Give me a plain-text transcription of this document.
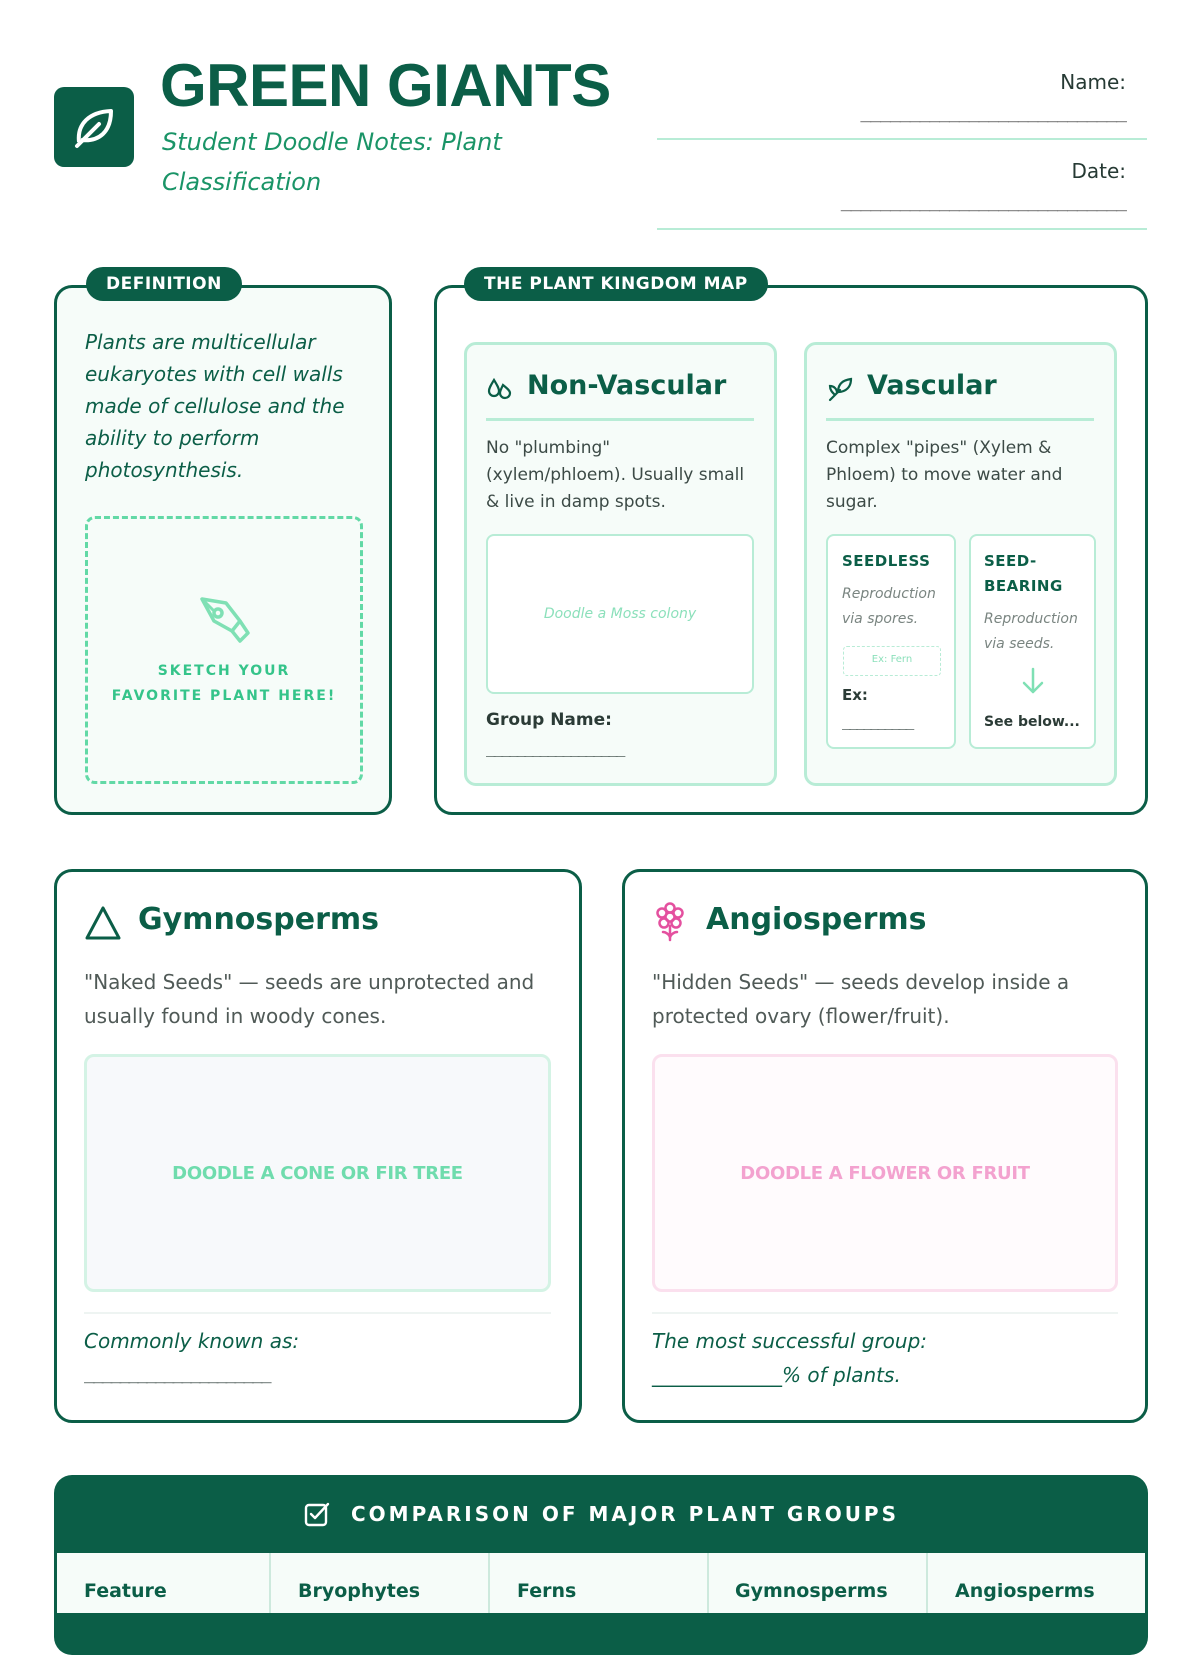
GREEN GIANTS
Student Doodle Notes: Plant Classification
Name:
___________________________
Date:
_____________________________
DEFINITION
Plants are multicellular eukaryotes with cell walls made of cellulose and the ability to perform photosynthesis.
SKETCH YOUR
FAVORITE PLANT HERE!
THE PLANT KINGDOM MAP
Non-Vascular
No "plumbing" (xylem/phloem). Usually small & live in damp spots.
Doodle a Moss colony
Group Name:
__________________
Vascular
Complex "pipes" (Xylem & Phloem) to move water and sugar.
SEEDLESS
Reproduction via spores.
Ex: Fern
Ex:
__________
SEED-BEARING
Reproduction via seeds.
See below...
Gymnosperms
"Naked Seeds" — seeds are unprotected and usually found in woody cones.
DOODLE A CONE OR FIR TREE
Commonly known as:
_____________________
Angiosperms
"Hidden Seeds" — seeds develop inside a protected ovary (flower/fruit).
DOODLE A FLOWER OR FRUIT
The most successful group:
_____________% of plants.
COMPARISON OF MAJOR PLANT GROUPS
Feature	Bryophytes	Ferns	Gymnosperms	Angiosperms
